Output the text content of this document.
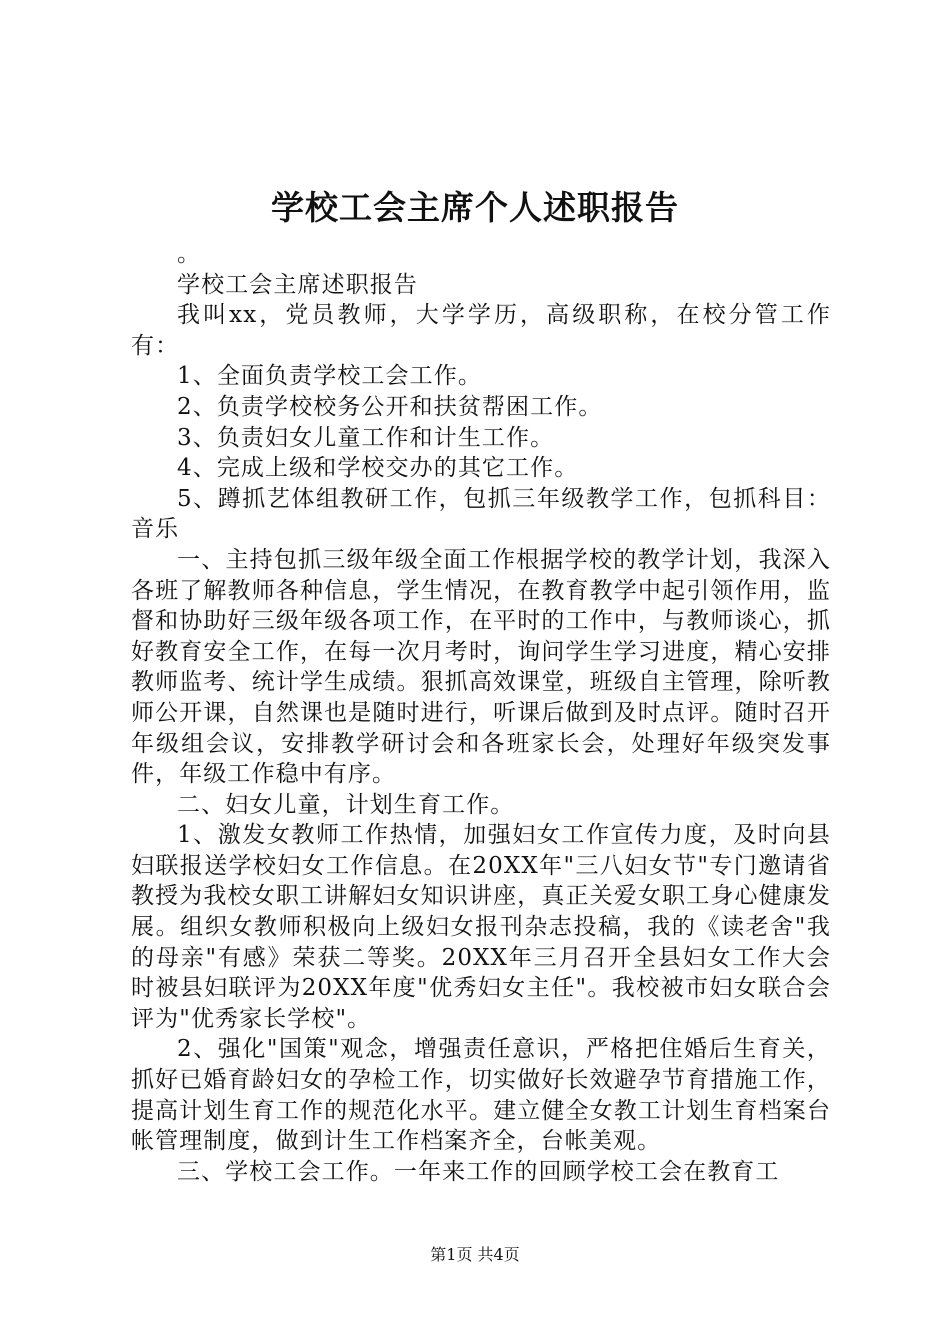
学校工会主席个人述职报告

。

学校工会主席述职报告

我叫xx，党员教师，大学学历，高级职称，在校分管工作有：

1、全面负责学校工会工作。

2、负责学校校务公开和扶贫帮困工作。

3、负责妇女儿童工作和计生工作。

4、完成上级和学校交办的其它工作。

5、蹲抓艺体组教研工作，包抓三年级教学工作，包抓科目：音乐

一、主持包抓三级年级全面工作根据学校的教学计划，我深入各班了解教师各种信息，学生情况，在教育教学中起引领作用，监督和协助好三级年级各项工作，在平时的工作中，与教师谈心，抓好教育安全工作，在每一次月考时，询问学生学习进度，精心安排教师监考、统计学生成绩。狠抓高效课堂，班级自主管理，除听教师公开课，自然课也是随时进行，听课后做到及时点评。随时召开年级组会议，安排教学研讨会和各班家长会，处理好年级突发事件，年级工作稳中有序。

二、妇女儿童，计划生育工作。

1、激发女教师工作热情，加强妇女工作宣传力度，及时向县妇联报送学校妇女工作信息。在20XX年"三八妇女节"专门邀请省教授为我校女职工讲解妇女知识讲座，真正关爱女职工身心健康发展。组织女教师积极向上级妇女报刊杂志投稿，我的《读老舍"我的母亲"有感》荣获二等奖。20XX年三月召开全县妇女工作大会时被县妇联评为20XX年度"优秀妇女主任"。我校被市妇女联合会评为"优秀家长学校"。

2、强化"国策"观念，增强责任意识，严格把住婚后生育关，抓好已婚育龄妇女的孕检工作，切实做好长效避孕节育措施工作，提高计划生育工作的规范化水平。建立健全女教工计划生育档案台帐管理制度，做到计生工作档案齐全，台帐美观。

三、学校工会工作。一年来工作的回顾学校工会在教育工

第1页 共4页
